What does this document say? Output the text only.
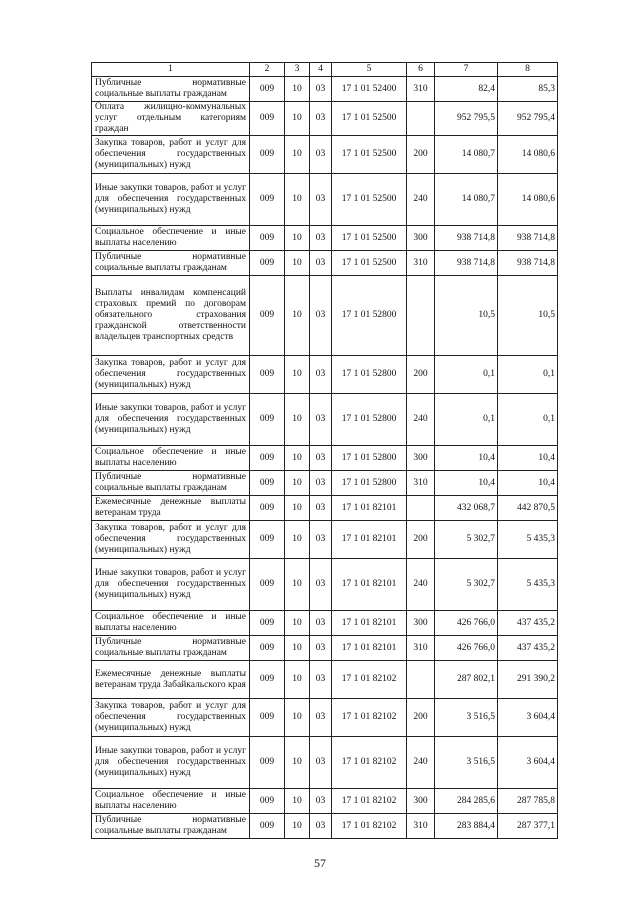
1	2	3	4	5	6	7	8
Публичные нормативные социальные выплаты гражданам	009	10	03	17 1 01 52400	310	82,4	85,3
Оплата жилищно-коммунальных услуг отдельным категориям граждан	009	10	03	17 1 01 52500		952 795,5	952 795,4
Закупка товаров, работ и услуг для обеспечения государственных (муниципальных) нужд	009	10	03	17 1 01 52500	200	14 080,7	14 080,6
Иные закупки товаров, работ и услуг для обеспечения государственных (муниципальных) нужд	009	10	03	17 1 01 52500	240	14 080,7	14 080,6
Социальное обеспечение и иные выплаты населению	009	10	03	17 1 01 52500	300	938 714,8	938 714,8
Публичные нормативные социальные выплаты гражданам	009	10	03	17 1 01 52500	310	938 714,8	938 714,8
Выплаты инвалидам компенсаций страховых премий по договорам обязательного страхования гражданской ответственности владельцев транспортных средств	009	10	03	17 1 01 52800		10,5	10,5
Закупка товаров, работ и услуг для обеспечения государственных (муниципальных) нужд	009	10	03	17 1 01 52800	200	0,1	0,1
Иные закупки товаров, работ и услуг для обеспечения государственных (муниципальных) нужд	009	10	03	17 1 01 52800	240	0,1	0,1
Социальное обеспечение и иные выплаты населению	009	10	03	17 1 01 52800	300	10,4	10,4
Публичные нормативные социальные выплаты гражданам	009	10	03	17 1 01 52800	310	10,4	10,4
Ежемесячные денежные выплаты ветеранам труда	009	10	03	17 1 01 82101		432 068,7	442 870,5
Закупка товаров, работ и услуг для обеспечения государственных (муниципальных) нужд	009	10	03	17 1 01 82101	200	5 302,7	5 435,3
Иные закупки товаров, работ и услуг для обеспечения государственных (муниципальных) нужд	009	10	03	17 1 01 82101	240	5 302,7	5 435,3
Социальное обеспечение и иные выплаты населению	009	10	03	17 1 01 82101	300	426 766,0	437 435,2
Публичные нормативные социальные выплаты гражданам	009	10	03	17 1 01 82101	310	426 766,0	437 435,2
Ежемесячные денежные выплаты ветеранам труда Забайкальского края	009	10	03	17 1 01 82102		287 802,1	291 390,2
Закупка товаров, работ и услуг для обеспечения государственных (муниципальных) нужд	009	10	03	17 1 01 82102	200	3 516,5	3 604,4
Иные закупки товаров, работ и услуг для обеспечения государственных (муниципальных) нужд	009	10	03	17 1 01 82102	240	3 516,5	3 604,4
Социальное обеспечение и иные выплаты населению	009	10	03	17 1 01 82102	300	284 285,6	287 785,8
Публичные нормативные социальные выплаты гражданам	009	10	03	17 1 01 82102	310	283 884,4	287 377,1
57
